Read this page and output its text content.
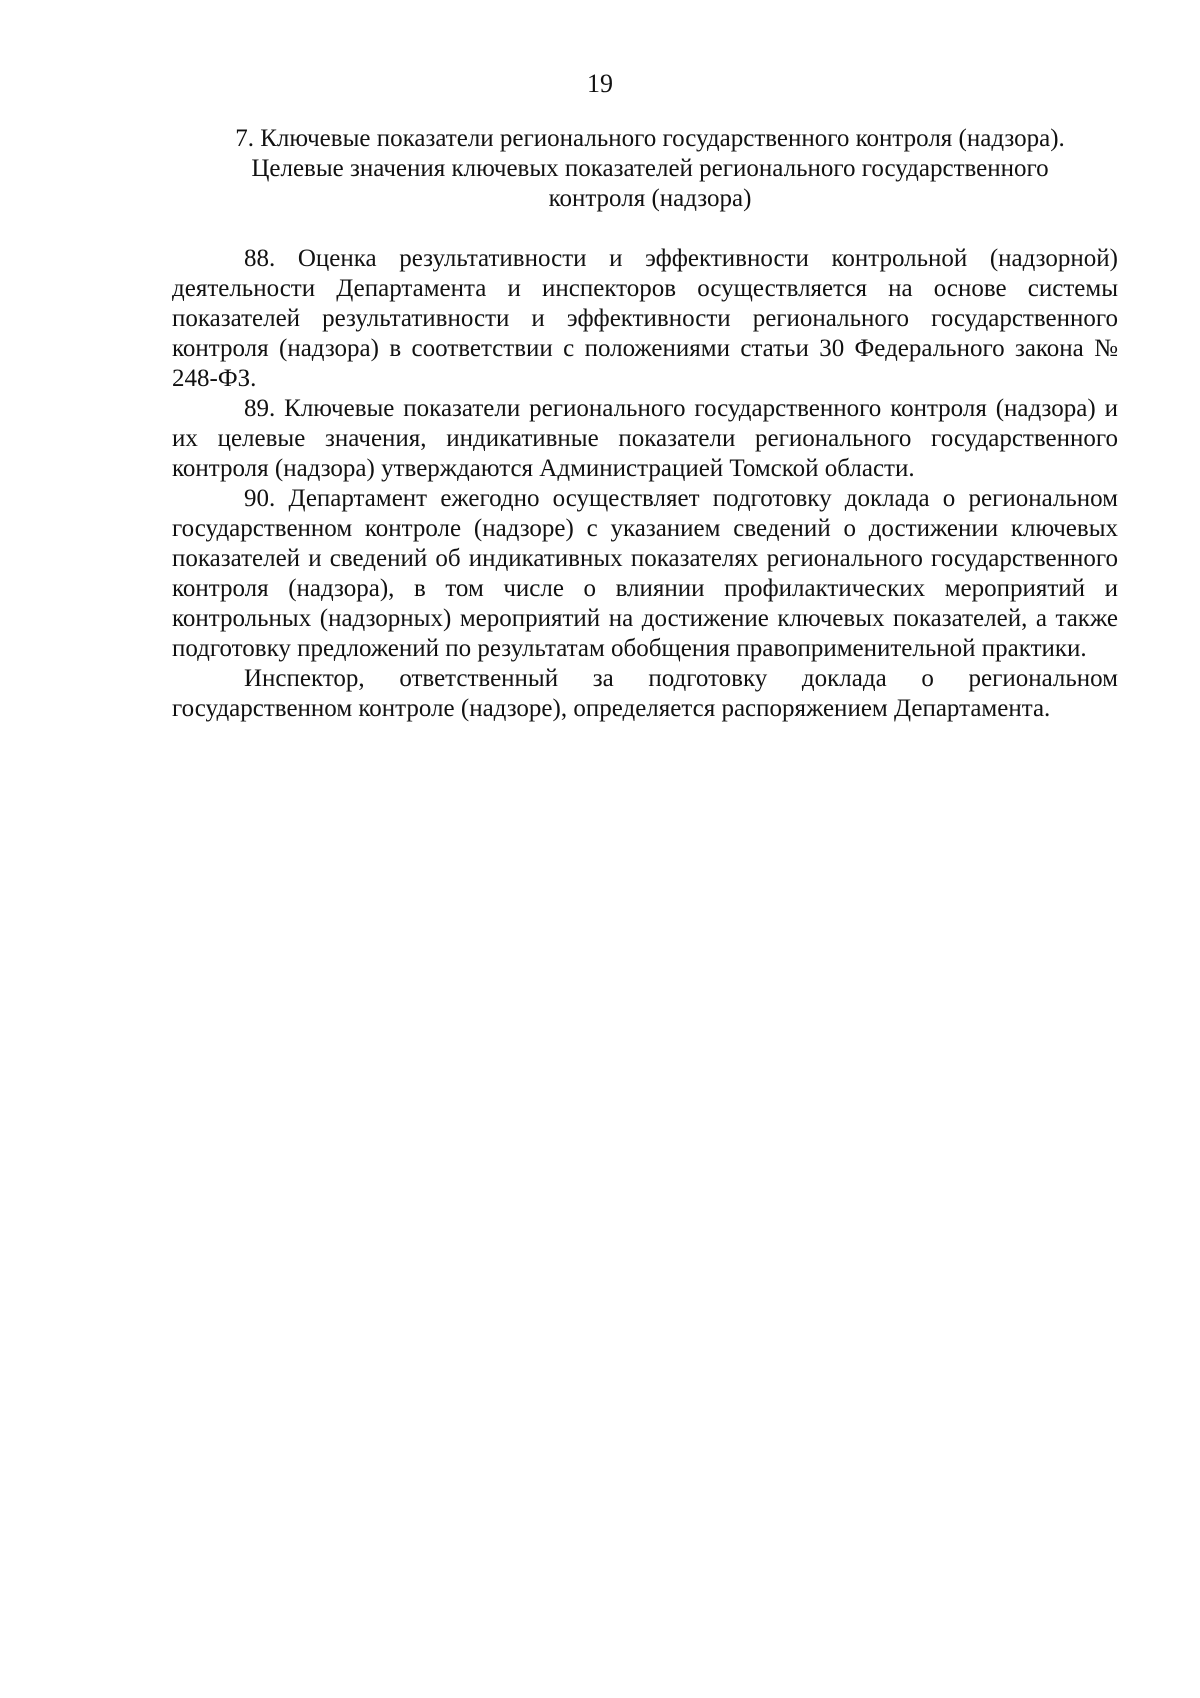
19
7. Ключевые показатели регионального государственного контроля (надзора).
Целевые значения ключевых показателей регионального государственного
контроля (надзора)

88. Оценка результативности и эффективности контрольной (надзорной) деятельности Департамента и инспекторов осуществляется на основе системы показателей результативности и эффективности регионального государственного контроля (надзора) в соответствии с положениями статьи 30 Федерального закона № 248-ФЗ.

89. Ключевые показатели регионального государственного контроля (надзора) и их целевые значения, индикативные показатели регионального государственного контроля (надзора) утверждаются Администрацией Томской области.

90. Департамент ежегодно осуществляет подготовку доклада о региональном государственном контроле (надзоре) с указанием сведений о достижении ключевых показателей и сведений об индикативных показателях регионального государственного контроля (надзора), в том числе о влиянии профилактических мероприятий и контрольных (надзорных) мероприятий на достижение ключевых показателей, а также подготовку предложений по результатам обобщения правоприменительной практики.

Инспектор, ответственный за подготовку доклада о региональном государственном контроле (надзоре), определяется распоряжением Департамента.
